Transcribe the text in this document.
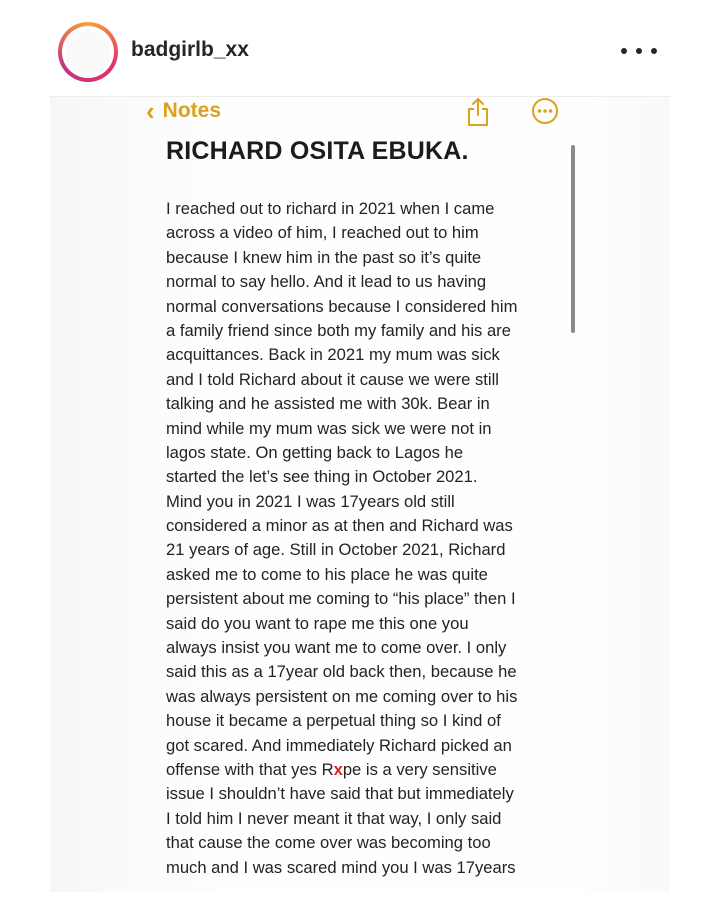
badgirlb_xx
‹ Notes
RICHARD OSITA EBUKA.
I reached out to richard in 2021 when I came
across a video of him, I reached out to him
because I knew him in the past so it’s quite
normal to say hello. And it lead to us having
normal conversations because I considered him
a family friend since both my family and his are
acquittances. Back in 2021 my mum was sick
and I told Richard about it cause we were still
talking and he assisted me with 30k. Bear in
mind while my mum was sick we were not in
lagos state. On getting back to Lagos he
started the let’s see thing in October 2021.
Mind you in 2021 I was 17years old still
considered a minor as at then and Richard was
21 years of age. Still in October 2021, Richard
asked me to come to his place he was quite
persistent about me coming to “his place” then I
said do you want to rape me this one you
always insist you want me to come over. I only
said this as a 17year old back then, because he
was always persistent on me coming over to his
house it became a perpetual thing so I kind of
got scared. And immediately Richard picked an
offense with that yes Rxpe is a very sensitive
issue I shouldn’t have said that but immediately
I told him I never meant it that way, I only said
that cause the come over was becoming too
much and I was scared mind you I was 17years
